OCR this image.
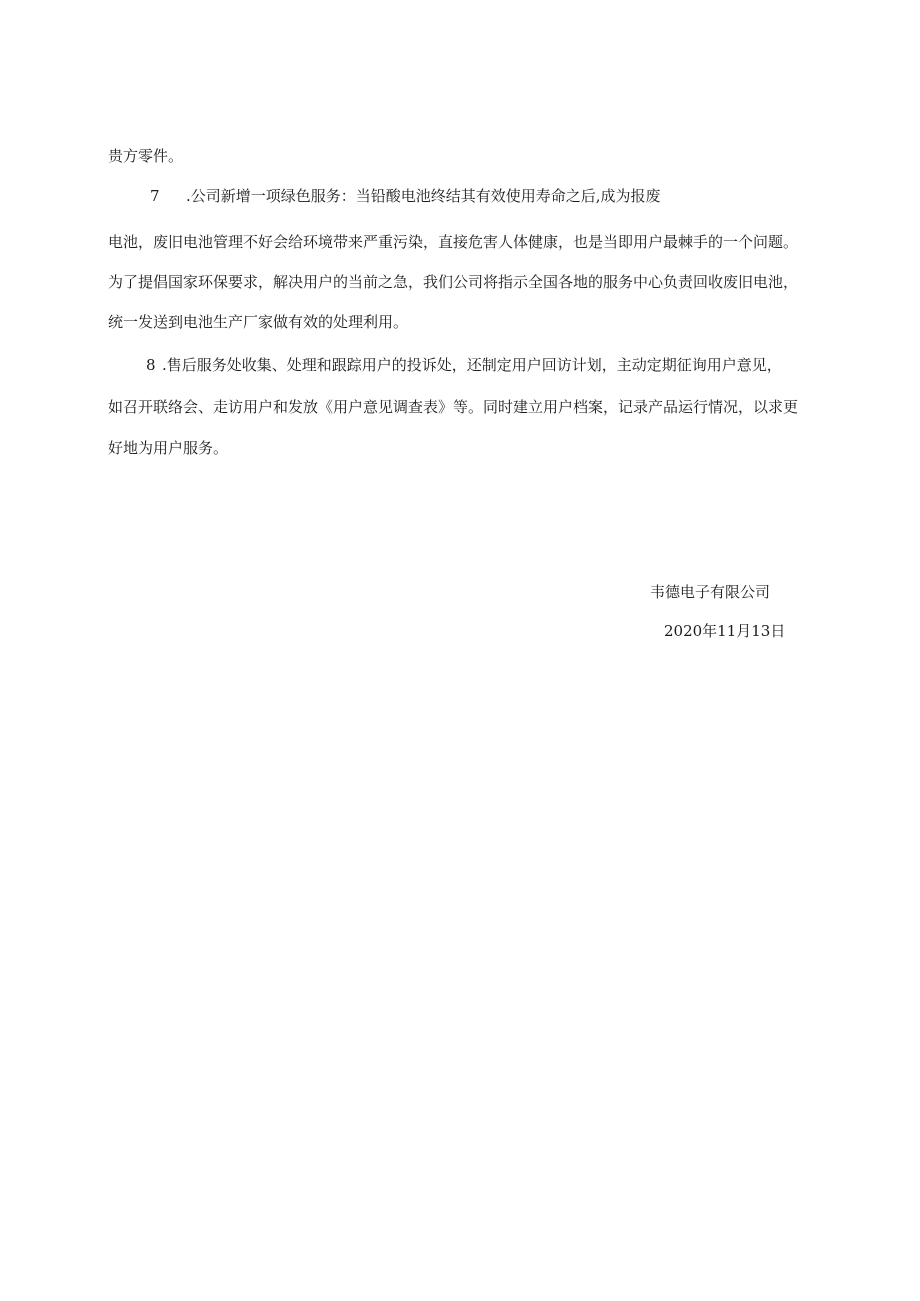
贵方零件。
7 .公司新增一项绿色服务：当铅酸电池终结其有效使用寿命之后,成为报废
电池，废旧电池管理不好会给环境带来严重污染，直接危害人体健康，也是当即用户最棘手的一个问题。
为了提倡国家环保要求，解决用户的当前之急，我们公司将指示全国各地的服务中心负责回收废旧电池，
统一发送到电池生产厂家做有效的处理利用。
8 .售后服务处收集、处理和跟踪用户的投诉处，还制定用户回访计划，主动定期征询用户意见，
如召开联络会、走访用户和发放《用户意见调查表》等。同时建立用户档案，记录产品运行情况，以求更
好地为用户服务。
韦德电子有限公司
2020年11月13日
